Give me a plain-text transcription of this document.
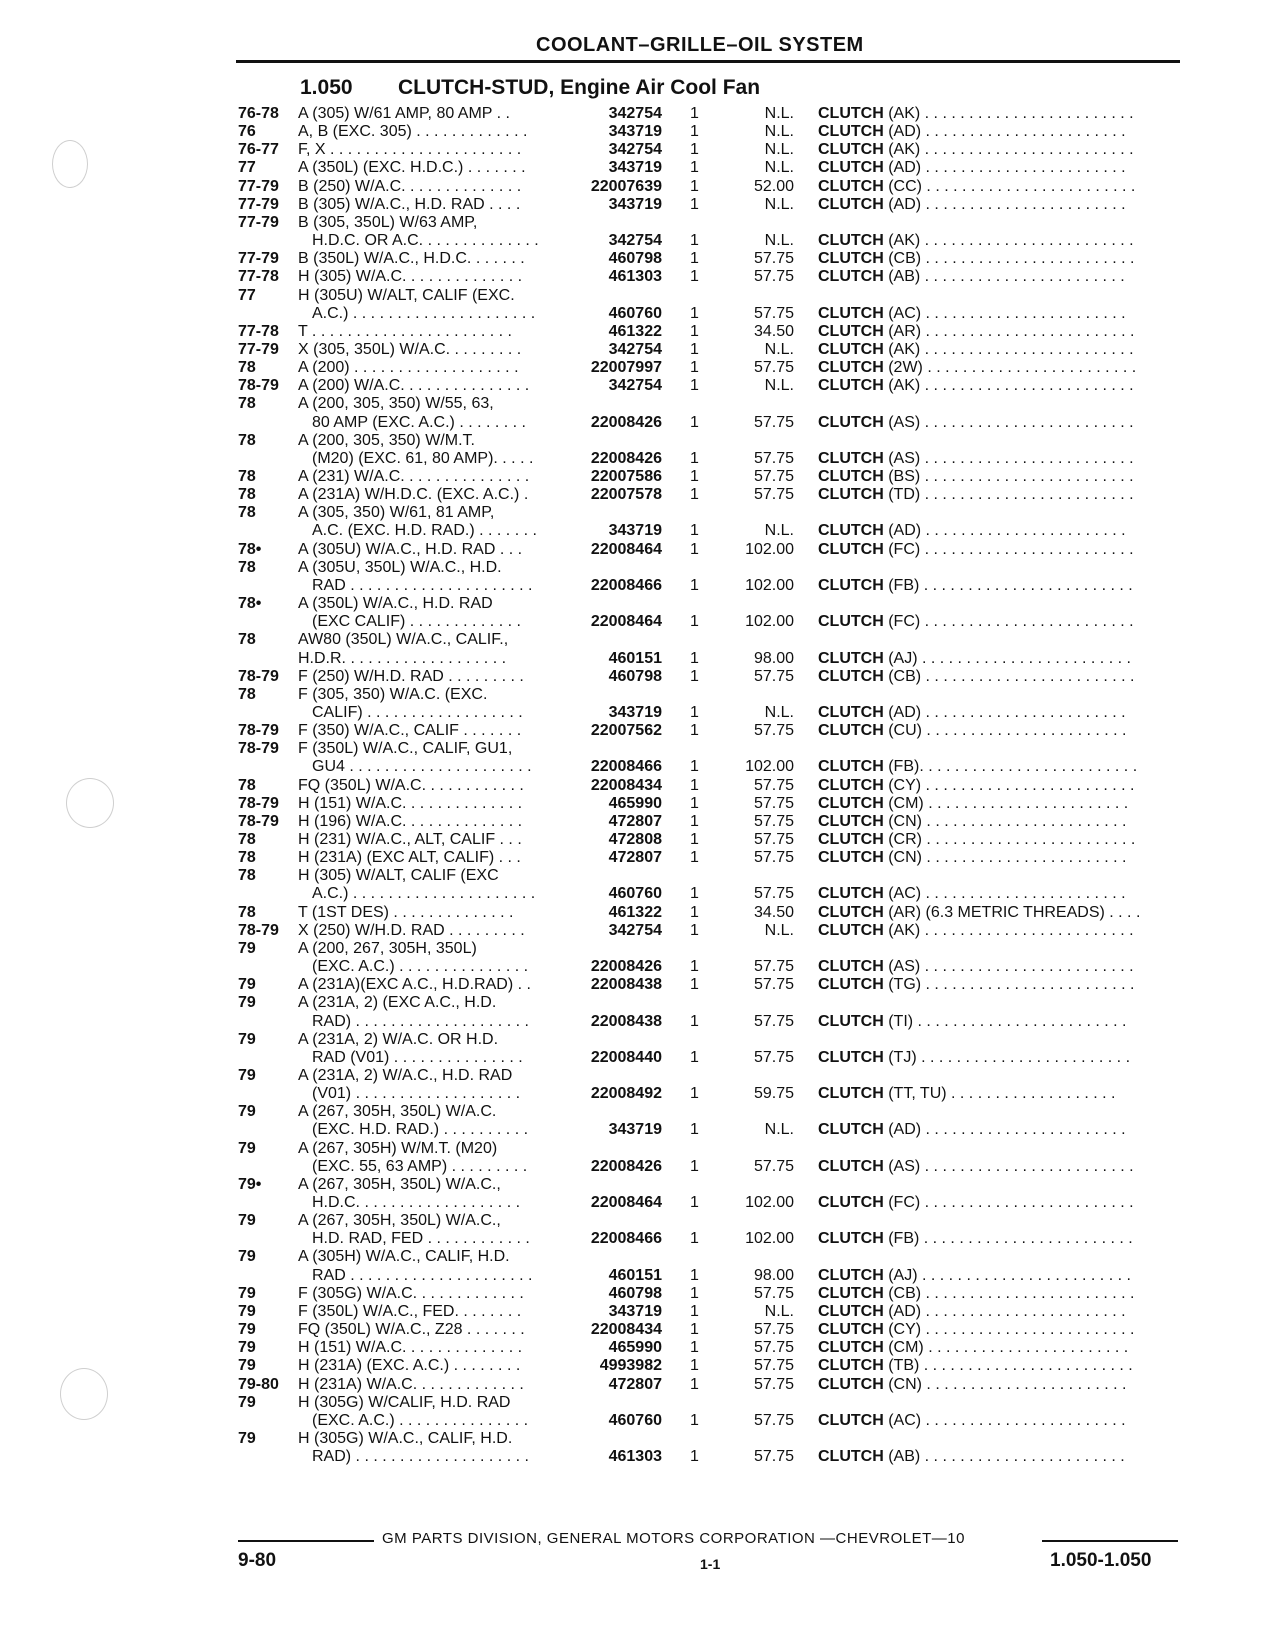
COOLANT–GRILLE–OIL SYSTEM
1.050 CLUTCH-STUD, Engine Air Cool Fan
76-78	A (305) W/61 AMP, 80 AMP . .	342754 1	N.L. CLUTCH (AK) . . . . . . . . . . . . . . . . . . . . . . . .
76	A, B (EXC. 305) . . . . . . . . . . . . .	343719 1	N.L. CLUTCH (AD) . . . . . . . . . . . . . . . . . . . . . . .
76-77	F, X . . . . . . . . . . . . . . . . . . . . . .	342754 1	N.L. CLUTCH (AK) . . . . . . . . . . . . . . . . . . . . . . . .
77	A (350L) (EXC. H.D.C.) . . . . . . .	343719 1	N.L. CLUTCH (AD) . . . . . . . . . . . . . . . . . . . . . . .
77-79	B (250) W/A.C. . . . . . . . . . . . . .	22007639 1	52.00 CLUTCH (CC) . . . . . . . . . . . . . . . . . . . . . . . .
77-79	B (305) W/A.C., H.D. RAD . . . .	343719 1	N.L. CLUTCH (AD) . . . . . . . . . . . . . . . . . . . . . . .
77-79	B (305, 350L) W/63 AMP,
H.D.C. OR A.C. . . . . . . . . . . . . .	342754 1	N.L. CLUTCH (AK) . . . . . . . . . . . . . . . . . . . . . . . .
77-79	B (350L) W/A.C., H.D.C. . . . . . .	460798 1	57.75 CLUTCH (CB) . . . . . . . . . . . . . . . . . . . . . . . .
77-78	H (305) W/A.C. . . . . . . . . . . . . .	461303 1	57.75 CLUTCH (AB) . . . . . . . . . . . . . . . . . . . . . . .
77	H (305U) W/ALT, CALIF (EXC.
A.C.) . . . . . . . . . . . . . . . . . . . . .	460760 1	57.75 CLUTCH (AC) . . . . . . . . . . . . . . . . . . . . . . .
77-78	T . . . . . . . . . . . . . . . . . . . . . . .	461322 1	34.50 CLUTCH (AR) . . . . . . . . . . . . . . . . . . . . . . . .
77-79	X (305, 350L) W/A.C. . . . . . . . .	342754 1	N.L. CLUTCH (AK) . . . . . . . . . . . . . . . . . . . . . . . .
78	A (200) . . . . . . . . . . . . . . . . . . .	22007997 1	57.75 CLUTCH (2W) . . . . . . . . . . . . . . . . . . . . . . . .
78-79	A (200) W/A.C. . . . . . . . . . . . . . .	342754 1	N.L. CLUTCH (AK) . . . . . . . . . . . . . . . . . . . . . . . .
78	A (200, 305, 350) W/55, 63,
80 AMP (EXC. A.C.) . . . . . . . .	22008426 1	57.75 CLUTCH (AS) . . . . . . . . . . . . . . . . . . . . . . . .
78	A (200, 305, 350) W/M.T.
(M20) (EXC. 61, 80 AMP). . . . .	22008426 1	57.75 CLUTCH (AS) . . . . . . . . . . . . . . . . . . . . . . . .
78	A (231) W/A.C. . . . . . . . . . . . . . .	22007586 1	57.75 CLUTCH (BS) . . . . . . . . . . . . . . . . . . . . . . . .
78	A (231A) W/H.D.C. (EXC. A.C.) .	22007578 1	57.75 CLUTCH (TD) . . . . . . . . . . . . . . . . . . . . . . . .
78	A (305, 350) W/61, 81 AMP,
A.C. (EXC. H.D. RAD.) . . . . . . .	343719 1	N.L. CLUTCH (AD) . . . . . . . . . . . . . . . . . . . . . . .
78•	A (305U) W/A.C., H.D. RAD . . .	22008464 1	102.00 CLUTCH (FC) . . . . . . . . . . . . . . . . . . . . . . . .
78	A (305U, 350L) W/A.C., H.D.
RAD . . . . . . . . . . . . . . . . . . . . .	22008466 1	102.00 CLUTCH (FB) . . . . . . . . . . . . . . . . . . . . . . . .
78•	A (350L) W/A.C., H.D. RAD
(EXC CALIF) . . . . . . . . . . . . .	22008464 1	102.00 CLUTCH (FC) . . . . . . . . . . . . . . . . . . . . . . . .
78	AW80 (350L) W/A.C., CALIF.,
H.D.R. . . . . . . . . . . . . . . . . . .	460151 1	98.00 CLUTCH (AJ) . . . . . . . . . . . . . . . . . . . . . . . .
78-79	F (250) W/H.D. RAD . . . . . . . . .	460798 1	57.75 CLUTCH (CB) . . . . . . . . . . . . . . . . . . . . . . . .
78	F (305, 350) W/A.C. (EXC.
CALIF) . . . . . . . . . . . . . . . . . .	343719 1	N.L. CLUTCH (AD) . . . . . . . . . . . . . . . . . . . . . . .
78-79	F (350) W/A.C., CALIF . . . . . . .	22007562 1	57.75 CLUTCH (CU) . . . . . . . . . . . . . . . . . . . . . . .
78-79	F (350L) W/A.C., CALIF, GU1,
GU4 . . . . . . . . . . . . . . . . . . . . .	22008466 1	102.00 CLUTCH (FB). . . . . . . . . . . . . . . . . . . . . . . . .
78	FQ (350L) W/A.C. . . . . . . . . . . .	22008434 1	57.75 CLUTCH (CY) . . . . . . . . . . . . . . . . . . . . . . . .
78-79	H (151) W/A.C. . . . . . . . . . . . . .	465990 1	57.75 CLUTCH (CM) . . . . . . . . . . . . . . . . . . . . . . .
78-79	H (196) W/A.C. . . . . . . . . . . . . .	472807 1	57.75 CLUTCH (CN) . . . . . . . . . . . . . . . . . . . . . . .
78	H (231) W/A.C., ALT, CALIF . . .	472808 1	57.75 CLUTCH (CR) . . . . . . . . . . . . . . . . . . . . . . . .
78	H (231A) (EXC ALT, CALIF) . . .	472807 1	57.75 CLUTCH (CN) . . . . . . . . . . . . . . . . . . . . . . .
78	H (305) W/ALT, CALIF (EXC
A.C.) . . . . . . . . . . . . . . . . . . . . .	460760 1	57.75 CLUTCH (AC) . . . . . . . . . . . . . . . . . . . . . . .
78	T (1ST DES) . . . . . . . . . . . . . .	461322 1	34.50 CLUTCH (AR) (6.3 METRIC THREADS) . . . .
78-79	X (250) W/H.D. RAD . . . . . . . . .	342754 1	N.L. CLUTCH (AK) . . . . . . . . . . . . . . . . . . . . . . . .
79	A (200, 267, 305H, 350L)
(EXC. A.C.) . . . . . . . . . . . . . . .	22008426 1	57.75 CLUTCH (AS) . . . . . . . . . . . . . . . . . . . . . . . .
79	A (231A)(EXC A.C., H.D.RAD) . .	22008438 1	57.75 CLUTCH (TG) . . . . . . . . . . . . . . . . . . . . . . . .
79	A (231A, 2) (EXC A.C., H.D.
RAD) . . . . . . . . . . . . . . . . . . . .	22008438 1	57.75 CLUTCH (TI) . . . . . . . . . . . . . . . . . . . . . . . .
79	A (231A, 2) W/A.C. OR H.D.
RAD (V01) . . . . . . . . . . . . . . .	22008440 1	57.75 CLUTCH (TJ) . . . . . . . . . . . . . . . . . . . . . . . .
79	A (231A, 2) W/A.C., H.D. RAD
(V01) . . . . . . . . . . . . . . . . . . .	22008492 1	59.75 CLUTCH (TT, TU) . . . . . . . . . . . . . . . . . . .
79	A (267, 305H, 350L) W/A.C.
(EXC. H.D. RAD.) . . . . . . . . . .	343719 1	N.L. CLUTCH (AD) . . . . . . . . . . . . . . . . . . . . . . .
79	A (267, 305H) W/M.T. (M20)
(EXC. 55, 63 AMP) . . . . . . . . .	22008426 1	57.75 CLUTCH (AS) . . . . . . . . . . . . . . . . . . . . . . . .
79•	A (267, 305H, 350L) W/A.C.,
H.D.C. . . . . . . . . . . . . . . . . . .	22008464 1	102.00 CLUTCH (FC) . . . . . . . . . . . . . . . . . . . . . . . .
79	A (267, 305H, 350L) W/A.C.,
H.D. RAD, FED . . . . . . . . . . . .	22008466 1	102.00 CLUTCH (FB) . . . . . . . . . . . . . . . . . . . . . . . .
79	A (305H) W/A.C., CALIF, H.D.
RAD . . . . . . . . . . . . . . . . . . . . .	460151 1	98.00 CLUTCH (AJ) . . . . . . . . . . . . . . . . . . . . . . . .
79	F (305G) W/A.C. . . . . . . . . . . . .	460798 1	57.75 CLUTCH (CB) . . . . . . . . . . . . . . . . . . . . . . . .
79	F (350L) W/A.C., FED. . . . . . . .	343719 1	N.L. CLUTCH (AD) . . . . . . . . . . . . . . . . . . . . . . .
79	FQ (350L) W/A.C., Z28 . . . . . . .	22008434 1	57.75 CLUTCH (CY) . . . . . . . . . . . . . . . . . . . . . . . .
79	H (151) W/A.C. . . . . . . . . . . . . .	465990 1	57.75 CLUTCH (CM) . . . . . . . . . . . . . . . . . . . . . . .
79	H (231A) (EXC. A.C.) . . . . . . . .	4993982 1	57.75 CLUTCH (TB) . . . . . . . . . . . . . . . . . . . . . . . .
79-80	H (231A) W/A.C. . . . . . . . . . . . .	472807 1	57.75 CLUTCH (CN) . . . . . . . . . . . . . . . . . . . . . . .
79	H (305G) W/CALIF, H.D. RAD
(EXC. A.C.) . . . . . . . . . . . . . . .	460760 1	57.75 CLUTCH (AC) . . . . . . . . . . . . . . . . . . . . . . .
79	H (305G) W/A.C., CALIF, H.D.
RAD) . . . . . . . . . . . . . . . . . . . .	461303 1	57.75 CLUTCH (AB) . . . . . . . . . . . . . . . . . . . . . . .
GM PARTS DIVISION, GENERAL MOTORS CORPORATION —CHEVROLET—10
9-80	1-1	1.050-1.050
